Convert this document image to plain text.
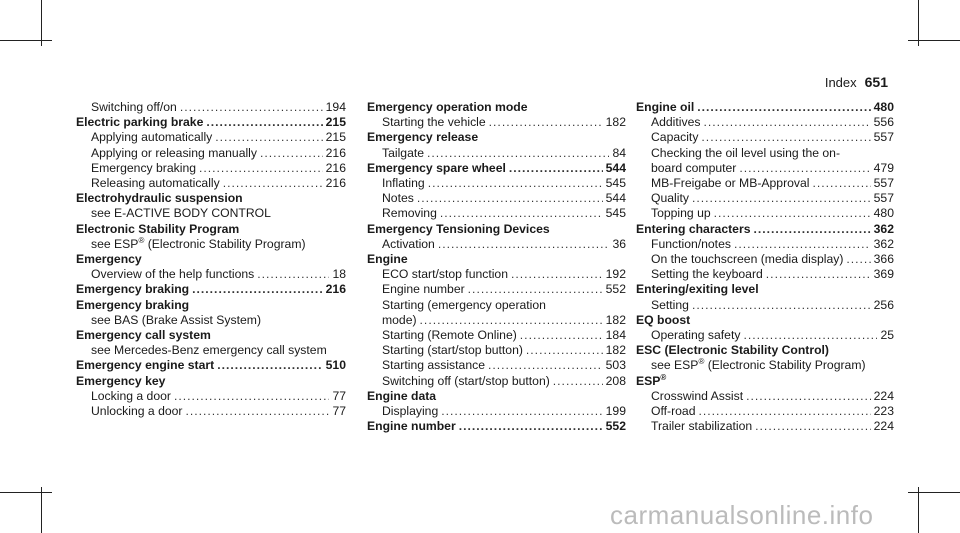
Index 651
Switching off/on .....	194
Electric parking brake .....	215
Applying automatically .....	215
Applying or releasing manually .....	216
Emergency braking .....	216
Releasing automatically .....	216
Electrohydraulic suspension
see E-ACTIVE BODY CONTROL
Electronic Stability Program
see ESP® (Electronic Stability Program)
Emergency
Overview of the help functions .....	18
Emergency braking .....	216
Emergency braking
see BAS (Brake Assist System)
Emergency call system
see Mercedes-Benz emergency call system
Emergency engine start .....	510
Emergency key
Locking a door .....	77
Unlocking a door .....	77
Emergency operation mode
Starting the vehicle .....	182
Emergency release
Tailgate .....	84
Emergency spare wheel .....	544
Inflating .....	545
Notes .....	544
Removing .....	545
Emergency Tensioning Devices
Activation .....	36
Engine
ECO start/stop function .....	192
Engine number .....	552
Starting (emergency operation
mode) .....	182
Starting (Remote Online) .....	184
Starting (start/stop button) .....	182
Starting assistance .....	503
Switching off (start/stop button) .....	208
Engine data
Displaying .....	199
Engine number .....	552
Engine oil .....	480
Additives .....	556
Capacity .....	557
Checking the oil level using the on-
board computer .....	479
MB-Freigabe or MB-Approval .....	557
Quality .....	557
Topping up .....	480
Entering characters .....	362
Function/notes .....	362
On the touchscreen (media display) ..... 366
Setting the keyboard .....	369
Entering/exiting level
Setting .....	256
EQ boost
Operating safety .....	25
ESC (Electronic Stability Control)
see ESP® (Electronic Stability Program)
ESP®
Crosswind Assist .....	224
Off-road .....	223
Trailer stabilization .....	224
carmanualsonline.info
